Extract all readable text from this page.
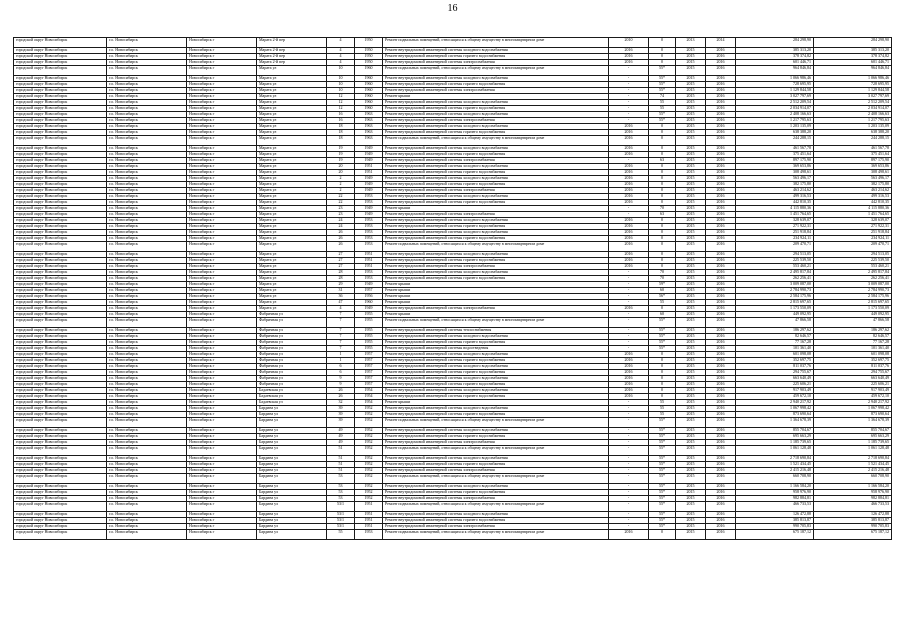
16
городской округ Новосибирск	г.о. Новосибирск	Новосибирск г	Марата 2-й пер	4	1950	Ремонт подвальных помещений, относящихся к общему имуществу в многоквартирном доме	2010	0	2013	2014	284 298,90	284 298,90
городской округ Новосибирск	г.о. Новосибирск	Новосибирск г	Марата 2-й пер	4	1950	Ремонт внутридомовой инженерной системы холодного водоснабжения	2016	0	2015	2016	385 313,20	385 313,20
городской округ Новосибирск	г.о. Новосибирск	Новосибирск г	Марата 2-й пер	4	1950	Ремонт внутридомовой инженерной системы горячего водоснабжения	2016	0	2015	2016	378 374,82	378 374,82
городской округ Новосибирск	г.о. Новосибирск	Новосибирск г	Марата 2-й пер	4	1950	Ремонт внутридомовой инженерной системы электроснабжения	2016	0	2015	2016	601 446,71	601 446,71
городской округ Новосибирск	г.о. Новосибирск	Новосибирск г	Марата ул	10	1960	Ремонт подвальных помещений, относящихся к общему имуществу в многоквартирном доме	-	55*	2015	2016	964 846,84	964 846,84
городской округ Новосибирск	г.о. Новосибирск	Новосибирск г	Марата ул	10	1960	Ремонт внутридомовой инженерной системы холодного водоснабжения	-	55*	2015	2016	1 066 986,46	1 066 986,46
городской округ Новосибирск	г.о. Новосибирск	Новосибирск г	Марата ул	10	1960	Ремонт внутридомовой инженерной системы горячего водоснабжения	-	55*	2015	2016	728 695,95	728 695,95
городской округ Новосибирск	г.о. Новосибирск	Новосибирск г	Марата ул	10	1960	Ремонт внутридомовой инженерной системы электроснабжения	-	55*	2015	2016	1 129 844,58	1 129 844,58
городской округ Новосибирск	г.о. Новосибирск	Новосибирск г	Марата ул	12	1960	Ремонт крыши	-	74	2015	2016	3 027 797,69	3 027 797,69
городской округ Новосибирск	г.о. Новосибирск	Новосибирск г	Марата ул	12	1960	Ремонт внутридомовой инженерной системы холодного водоснабжения	-	55	2015	2016	2 512 209,54	2 512 209,54
городской округ Новосибирск	г.о. Новосибирск	Новосибирск г	Марата ул	12	1960	Ремонт внутридомовой инженерной системы горячего водоснабжения	-	55	2015	2016	2 034 914,07	2 034 914,07
городской округ Новосибирск	г.о. Новосибирск	Новосибирск г	Марата ул	16	1963	Ремонт внутридомовой инженерной системы холодного водоснабжения	-	55*	2015	2016	2 408 166,63	2 408 166,63
городской округ Новосибирск	г.о. Новосибирск	Новосибирск г	Марата ул	16	1963	Ремонт внутридомовой инженерной системы электроснабжения	-	55*	2015	2016	1 217 795,63	1 217 795,63
городской округ Новосибирск	г.о. Новосибирск	Новосибирск г	Марата ул	18	1963	Ремонт внутридомовой инженерной системы холодного водоснабжения	2016	0	2015	2016	1 203 135,09	1 203 135,09
городской округ Новосибирск	г.о. Новосибирск	Новосибирск г	Марата ул	18	1963	Ремонт внутридомовой инженерной системы горячего водоснабжения	2016	0	2015	2016	638 388,20	638 388,20
городской округ Новосибирск	г.о. Новосибирск	Новосибирск г	Марата ул	18	1963	Ремонт подвальных помещений, относящихся к общему имуществу в многоквартирном доме	2016	0	2015	2016	244 288,15	244 288,15
городской округ Новосибирск	г.о. Новосибирск	Новосибирск г	Марата ул	19	1949	Ремонт внутридомовой инженерной системы холодного водоснабжения	2016	0	2015	2016	461 567,78	461 567,78
городской округ Новосибирск	г.о. Новосибирск	Новосибирск г	Марата ул	19	1949	Ремонт внутридомовой инженерной системы горячего водоснабжения	2016	0	2015	2016	375 451,64	375 451,64
городской округ Новосибирск	г.о. Новосибирск	Новосибирск г	Марата ул	19	1949	Ремонт внутридомовой инженерной системы электроснабжения	-	63	2015	2016	897 175,90	897 175,90
городской округ Новосибирск	г.о. Новосибирск	Новосибирск г	Марата ул	20	1951	Ремонт внутридомовой инженерной системы холодного водоснабжения	2016	0	2015	2016	369 653,86	369 653,86
городской округ Новосибирск	г.о. Новосибирск	Новосибирск г	Марата ул	20	1951	Ремонт внутридомовой инженерной системы горячего водоснабжения	2016	0	2015	2016	308 498,61	308 498,61
городской округ Новосибирск	г.о. Новосибирск	Новосибирск г	Марата ул	2	1949	Ремонт внутридомовой инженерной системы холодного водоснабжения	2016	0	2015	2016	563 496,17	563 496,17
городской округ Новосибирск	г.о. Новосибирск	Новосибирск г	Марата ул	2	1949	Ремонт внутридомовой инженерной системы горячего водоснабжения	2016	0	2015	2016	382 175,80	382 175,80
городской округ Новосибирск	г.о. Новосибирск	Новосибирск г	Марата ул	2	1949	Ремонт внутридомовой инженерной системы электроснабжения	2016	0	2015	2016	463 214,62	463 214,62
городской округ Новосибирск	г.о. Новосибирск	Новосибирск г	Марата ул	22	1953	Ремонт внутридомовой инженерной системы холодного водоснабжения	2016	0	2015	2016	499 316,53	499 316,53
городской округ Новосибирск	г.о. Новосибирск	Новосибирск г	Марата ул	22	1953	Ремонт внутридомовой инженерной системы горячего водоснабжения	2016	0	2015	2016	442 810,35	442 810,35
городской округ Новосибирск	г.о. Новосибирск	Новосибирск г	Марата ул	23	1949	Ремонт крыши	-	70	2015	2016	4 115 880,36	4 115 880,36
городской округ Новосибирск	г.о. Новосибирск	Новосибирск г	Марата ул	23	1949	Ремонт внутридомовой инженерной системы электроснабжения	-	63	2015	2016	1 451 764,65	1 451 764,65
городской округ Новосибирск	г.о. Новосибирск	Новосибирск г	Марата ул	24	1953	Ремонт внутридомовой инженерной системы холодного водоснабжения	2016	0	2015	2016	328 639,07	328 639,07
городской округ Новосибирск	г.о. Новосибирск	Новосибирск г	Марата ул	24	1953	Ремонт внутридомовой инженерной системы горячего водоснабжения	2016	0	2015	2016	271 922,31	271 922,31
городской округ Новосибирск	г.о. Новосибирск	Новосибирск г	Марата ул	26	1953	Ремонт внутридомовой инженерной системы холодного водоснабжения	2016	0	2015	2016	251 918,84	251 918,84
городской округ Новосибирск	г.о. Новосибирск	Новосибирск г	Марата ул	26	1953	Ремонт внутридомовой инженерной системы горячего водоснабжения	2016	0	2015	2016	234 924,11	234 924,11
городской округ Новосибирск	г.о. Новосибирск	Новосибирск г	Марата ул	26	1953	Ремонт подвальных помещений, относящихся к общему имуществу в многоквартирном доме	2016	0	2015	2016	209 470,71	209 470,71
городской округ Новосибирск	г.о. Новосибирск	Новосибирск г	Марата ул	27	1951	Ремонт внутридомовой инженерной системы холодного водоснабжения	2016	0	2015	2016	294 513,05	294 513,05
городской округ Новосибирск	г.о. Новосибирск	Новосибирск г	Марата ул	27	1951	Ремонт внутридомовой инженерной системы горячего водоснабжения	2016	0	2015	2016	225 539,50	225 539,50
городской округ Новосибирск	г.о. Новосибирск	Новосибирск г	Марата ул	27	1951	Ремонт внутридомовой инженерной системы электроснабжения	2016	0	2015	2016	553 460,21	553 460,21
городской округ Новосибирск	г.о. Новосибирск	Новосибирск г	Марата ул	28	1953	Ремонт внутридомовой инженерной системы холодного водоснабжения	-	70	2015	2016	2 495 817,84	2 495 817,84
городской округ Новосибирск	г.о. Новосибирск	Новосибирск г	Марата ул	28	1953	Ремонт внутридомовой инженерной системы горячего водоснабжения	-	70	2015	2016	262 256,41	262 256,41
городской округ Новосибирск	г.о. Новосибирск	Новосибирск г	Марата ул	29	1949	Ремонт крыши	-	59*	2015	2016	3 009 087,00	3 009 087,00
городской округ Новосибирск	г.о. Новосибирск	Новосибирск г	Марата ул	31	1957	Ремонт крыши	-	60	2015	2016	2 784 990,73	2 784 990,73
городской округ Новосибирск	г.о. Новосибирск	Новосибирск г	Марата ул	36	1956	Ремонт крыши	-	56*	2015	2016	2 584 175,96	2 584 175,96
городской округ Новосибирск	г.о. Новосибирск	Новосибирск г	Марата ул	47	1960	Ремонт крыши	-	55	2015	2016	2 815 697,65	2 815 697,65
городской округ Новосибирск	г.о. Новосибирск	Новосибирск г	Марата ул	4	1949	Ремонт внутридомовой инженерной системы электроснабжения	2016	0	2015	2016	1 173 550,09	1 173 550,09
городской округ Новосибирск	г.о. Новосибирск	Новосибирск г	Фабричная ул	7	1955	Ремонт крыши	-	60	2015	2016	449 092,95	449 092,95
городской округ Новосибирск	г.о. Новосибирск	Новосибирск г	Фабричная ул	7	1955	Ремонт подвальных помещений, относящихся к общему имуществу в многоквартирном доме	-	55*	2015	2016	47 866,58	47 866,58
городской округ Новосибирск	г.о. Новосибирск	Новосибирск г	Фабричная ул	7	1955	Ремонт внутридомовой инженерной системы теплоснабжения	-	55*	2015	2016	186 297,62	186 297,62
городской округ Новосибирск	г.о. Новосибирск	Новосибирск г	Фабричная ул	7	1955	Ремонт внутридомовой инженерной системы холодного водоснабжения	-	55*	2015	2016	82 646,57	82 646,57
городской округ Новосибирск	г.о. Новосибирск	Новосибирск г	Фабричная ул	7	1955	Ремонт внутридомовой инженерной системы горячего водоснабжения	-	55*	2015	2016	77 167,28	77 167,28
городской округ Новосибирск	г.о. Новосибирск	Новосибирск г	Фабричная ул	7	1955	Ремонт внутридомовой инженерной системы водоотведения	-	55*	2015	2016	101 361,40	101 361,40
городской округ Новосибирск	г.о. Новосибирск	Новосибирск г	Фабричная ул	1	1957	Ремонт внутридомовой инженерной системы холодного водоснабжения	2016	0	2015	2016	601 098,08	601 098,08
городской округ Новосибирск	г.о. Новосибирск	Новосибирск г	Фабричная ул	1	1957	Ремонт внутридомовой инженерной системы горячего водоснабжения	2016	0	2015	2016	352 697,75	352 697,75
городской округ Новосибирск	г.о. Новосибирск	Новосибирск г	Фабричная ул	6	1957	Ремонт внутридомовой инженерной системы холодного водоснабжения	2016	0	2015	2016	811 037,76	811 037,76
городской округ Новосибирск	г.о. Новосибирск	Новосибирск г	Фабричная ул	6	1957	Ремонт внутридомовой инженерной системы горячего водоснабжения	2016	0	2015	2016	294 755,67	294 755,67
городской округ Новосибирск	г.о. Новосибирск	Новосибирск г	Фабричная ул	9	1957	Ремонт внутридомовой инженерной системы холодного водоснабжения	2016	0	2015	2016	663 640,49	663 640,49
городской округ Новосибирск	г.о. Новосибирск	Новосибирск г	Фабричная ул	9	1957	Ремонт внутридомовой инженерной системы горячего водоснабжения	2016	0	2015	2016	225 606,21	225 606,21
городской округ Новосибирск	г.о. Новосибирск	Новосибирск г	Бадаевская ул	26	1954	Ремонт внутридомовой инженерной системы холодного водоснабжения	2016	0	2015	2016	917 903,49	917 903,49
городской округ Новосибирск	г.о. Новосибирск	Новосибирск г	Бадаевская ул	26	1954	Ремонт внутридомовой инженерной системы горячего водоснабжения	2016	0	2015	2016	459 672,10	459 672,10
городской округ Новосибирск	г.о. Новосибирск	Новосибирск г	Бадаевская ул	32	1954	Ремонт крыши	-	55	2015	2016	2 940 217,92	2 940 217,92
городской округ Новосибирск	г.о. Новосибирск	Новосибирск г	Бардина ул	39	1952	Ремонт внутридомовой инженерной системы холодного водоснабжения	-	55	2015	2016	1 067 998,42	1 067 998,42
городской округ Новосибирск	г.о. Новосибирск	Новосибирск г	Бардина ул	39	1952	Ремонт внутридомовой инженерной системы горячего водоснабжения	-	55	2015	2016	873 690,64	873 690,64
городской округ Новосибирск	г.о. Новосибирск	Новосибирск г	Бардина ул	39	1952	Ремонт подвальных помещений, относящихся к общему имуществу в многоквартирном доме	-	55*	2015	2016	1 364 678,39	1 364 678,39
городской округ Новосибирск	г.о. Новосибирск	Новосибирск г	Бардина ул	49	1952	Ремонт внутридомовой инженерной системы холодного водоснабжения	-	55*	2015	2016	855 704,67	855 704,67
городской округ Новосибирск	г.о. Новосибирск	Новосибирск г	Бардина ул	49	1952	Ремонт внутридомовой инженерной системы горячего водоснабжения	-	55*	2015	2016	695 663,29	695 663,29
городской округ Новосибирск	г.о. Новосибирск	Новосибирск г	Бардина ул	49	1952	Ремонт внутридомовой инженерной системы электроснабжения	-	55*	2015	2016	1 185 739,65	1 185 739,65
городской округ Новосибирск	г.о. Новосибирск	Новосибирск г	Бардина ул	51	1952	Ремонт подвальных помещений, относящихся к общему имуществу в многоквартирном доме	-	55*	2015	2016	1 061 128,48	1 061 128,48
городской округ Новосибирск	г.о. Новосибирск	Новосибирск г	Бардина ул	51	1952	Ремонт внутридомовой инженерной системы холодного водоснабжения	-	55*	2015	2016	2 718 690,84	2 718 690,84
городской округ Новосибирск	г.о. Новосибирск	Новосибирск г	Бардина ул	51	1952	Ремонт внутридомовой инженерной системы горячего водоснабжения	-	55*	2015	2016	1 521 434,45	1 521 434,45
городской округ Новосибирск	г.о. Новосибирск	Новосибирск г	Бардина ул	51	1952	Ремонт внутридомовой инженерной системы электроснабжения	-	55*	2015	2016	2 415 216,48	2 415 216,48
городской округ Новосибирск	г.о. Новосибирск	Новосибирск г	Бардина ул	53	1952	Ремонт подвальных помещений, относящихся к общему имуществу в многоквартирном доме	-	55*	2015	2016	660 708,90	660 708,90
городской округ Новосибирск	г.о. Новосибирск	Новосибирск г	Бардина ул	53	1952	Ремонт внутридомовой инженерной системы холодного водоснабжения	-	55*	2015	2016	1 166 584,20	1 166 584,20
городской округ Новосибирск	г.о. Новосибирск	Новосибирск г	Бардина ул	53	1952	Ремонт внутридомовой инженерной системы горячего водоснабжения	-	55*	2015	2016	958 976,90	958 976,90
городской округ Новосибирск	г.о. Новосибирск	Новосибирск г	Бардина ул	53	1952	Ремонт внутридомовой инженерной системы электроснабжения	-	55*	2015	2016	982 884,81	982 884,81
городской округ Новосибирск	г.о. Новосибирск	Новосибирск г	Бардина ул	53/1	1951	Ремонт подвальных помещений, относящихся к общему имуществу в многоквартирном доме	-	55*	2015	2016	466 733,53	466 733,53
городской округ Новосибирск	г.о. Новосибирск	Новосибирск г	Бардина ул	53/1	1951	Ремонт внутридомовой инженерной системы холодного водоснабжения	-	55*	2015	2016	126 472,88	126 472,88
городской округ Новосибирск	г.о. Новосибирск	Новосибирск г	Бардина ул	53/1	1951	Ремонт внутридомовой инженерной системы горячего водоснабжения	-	55*	2015	2016	385 813,87	385 813,87
городской округ Новосибирск	г.о. Новосибирск	Новосибирск г	Бардина ул	53/1	1951	Ремонт внутридомовой инженерной системы электроснабжения	-	55*	2015	2016	990 705,83	990 705,83
городской округ Новосибирск	г.о. Новосибирск	Новосибирск г	Бардина ул	55	1953	Ремонт подвальных помещений, относящихся к общему имуществу в многоквартирном доме	2016	0	2015	2016	675 187,12	675 187,12
